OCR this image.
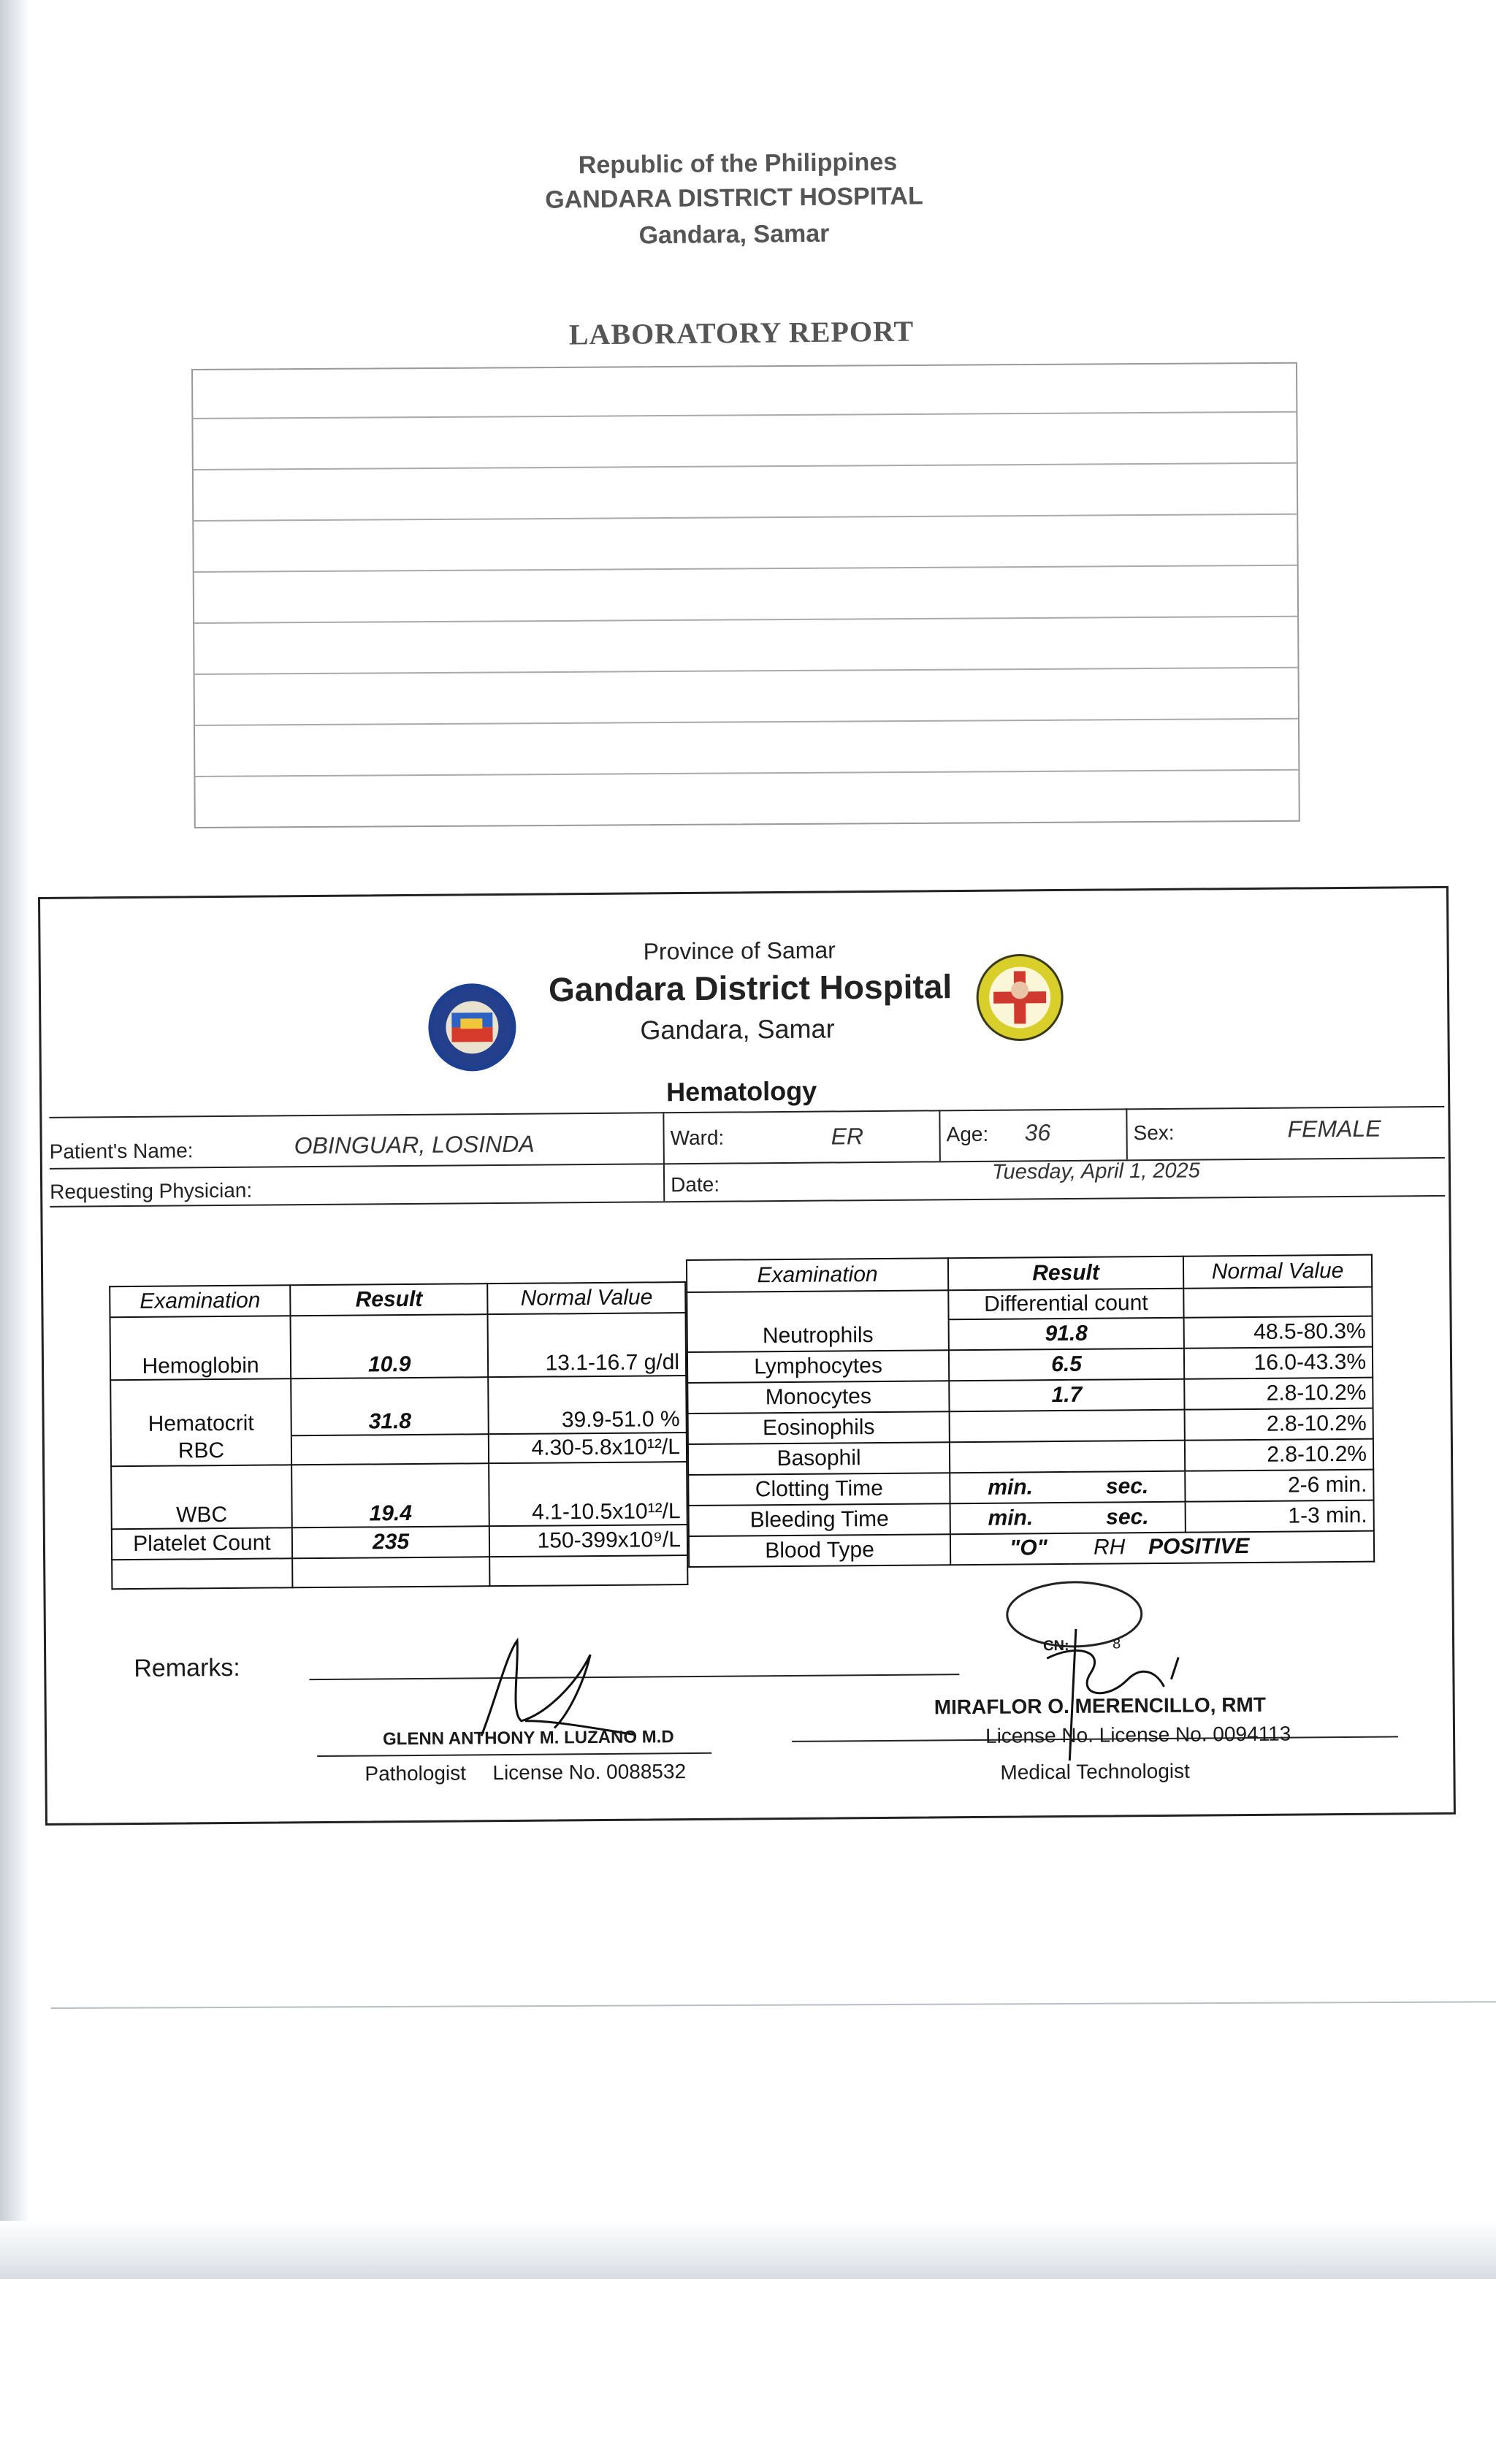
Republic of the Philippines
GANDARA DISTRICT HOSPITAL
Gandara, Samar
LABORATORY REPORT
Province of Samar
Gandara District Hospital
Gandara, Samar
Hematology
Patient's Name:	OBINGUAR, LOSINDA	Ward:	ER	Age: 36	Sex:	FEMALE
Requesting Physician:	Date:
Tuesday, April 1, 2025
Examination	Result	Normal Value
Hemoglobin	10.9	13.1-16.7 g/dl
Hematocrit	31.8	39.9-51.0 %
RBC		4.30-5.8x10¹²/L
WBC	19.4	4.1-10.5x10¹²/L
Platelet Count	235	150-399x10⁹/L

Examination	Result		Normal Value
	Differential count		
Neutrophils	91.8		48.5-80.3%
Lymphocytes	6.5		16.0-43.3%
Monocytes	1.7		2.8-10.2%
Eosinophils			2.8-10.2%
Basophil			2.8-10.2%
Clotting Time	min.	sec.	2-6 min.
Bleeding Time	min.	sec.	1-3 min.
Blood Type	"O" RH POSITIVE		
Remarks:
GLENN ANTHONY M. LUZANO M.D
Pathologist License No. 0088532
CN:	8
MIRAFLOR O. MERENCILLO, RMT
License No. License No. 0094113
Medical Technologist
